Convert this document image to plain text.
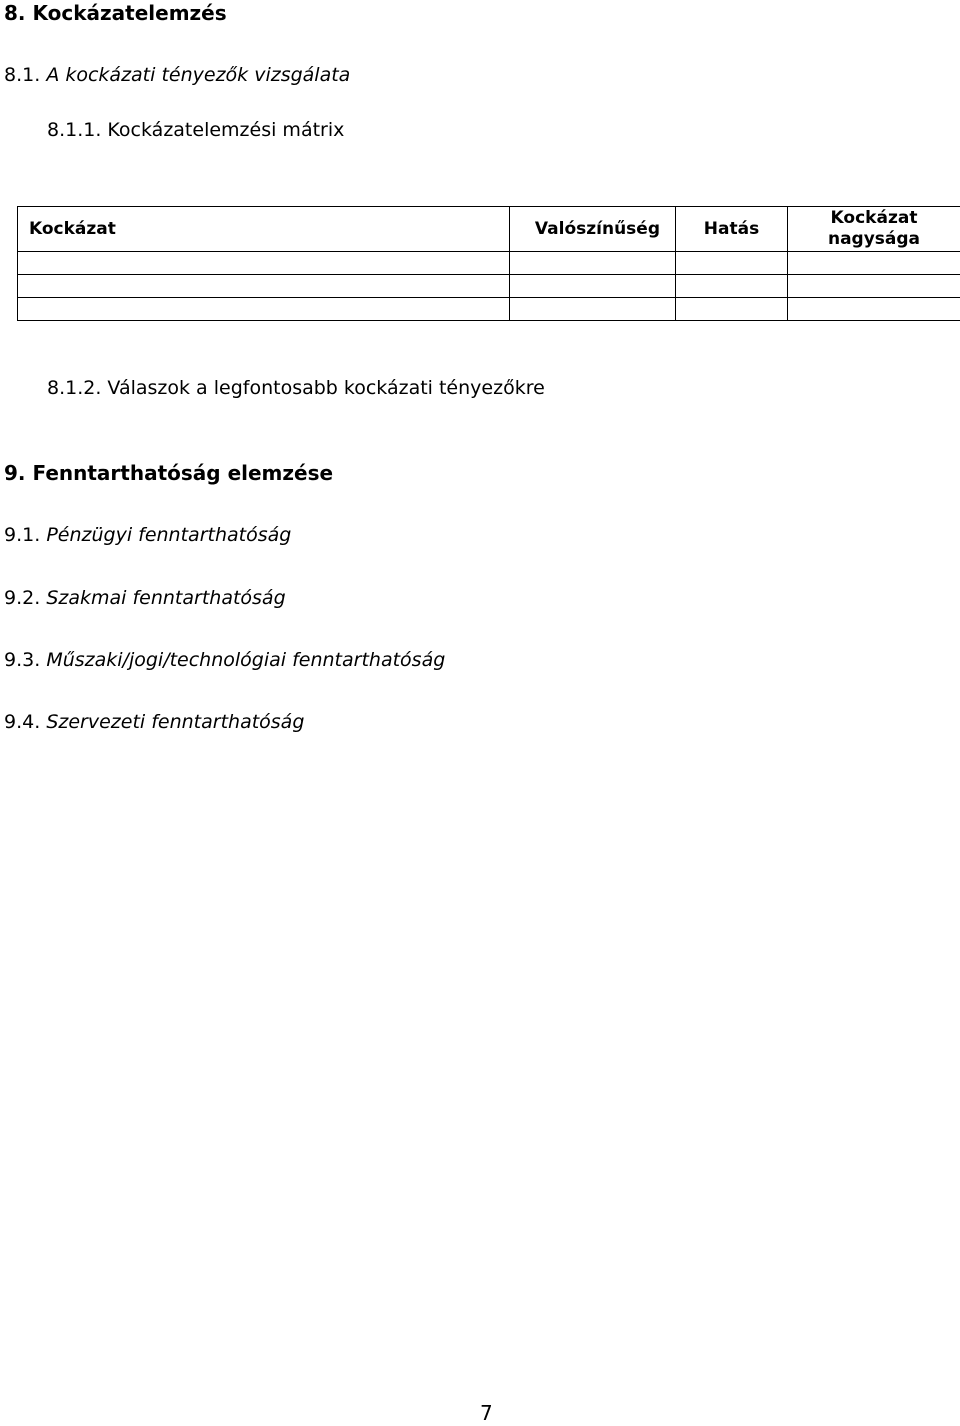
8. Kockázatelemzés
8.1. A kockázati tényezők vizsgálata
8.1.1. Kockázatelemzési mátrix
Kockázat	Valószínűség	Hatás	Kockázat nagysága

8.1.2. Válaszok a legfontosabb kockázati tényezőkre
9. Fenntarthatóság elemzése
9.1. Pénzügyi fenntarthatóság
9.2. Szakmai fenntarthatóság
9.3. Műszaki/jogi/technológiai fenntarthatóság
9.4. Szervezeti fenntarthatóság
7
